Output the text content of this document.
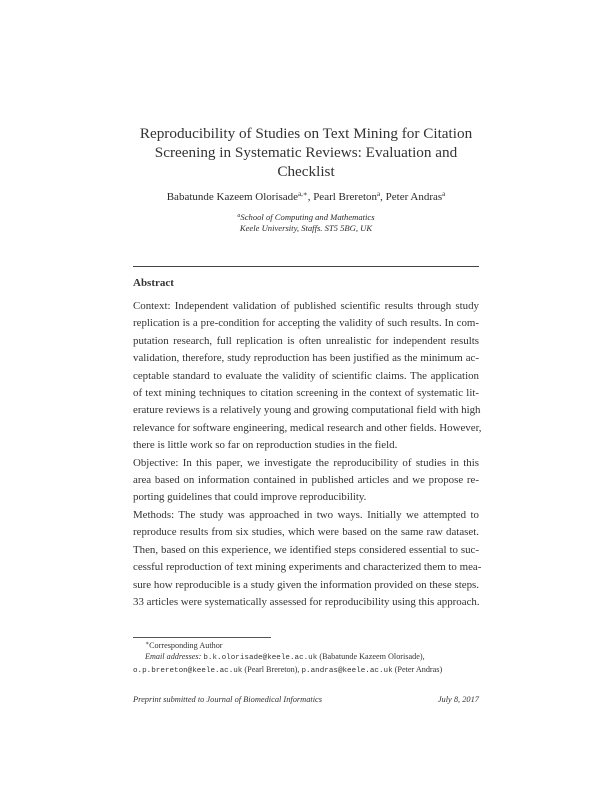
Reproducibility of Studies on Text Mining for Citation
Screening in Systematic Reviews: Evaluation and
Checklist
Babatunde Kazeem Olorisade$^{a,∗}$, Pearl Brereton$^a$, Peter Andras$^a$
$^a$School of Computing and Mathematics
Keele University, Staffs. ST5 5BG, UK
Abstract

Context: Independent validation of published scientific results through study

replication is a pre-condition for accepting the validity of such results. In com-

putation research, full replication is often unrealistic for independent results

validation, therefore, study reproduction has been justified as the minimum ac-

ceptable standard to evaluate the validity of scientific claims. The application

of text mining techniques to citation screening in the context of systematic lit-

erature reviews is a relatively young and growing computational field with high

relevance for software engineering, medical research and other fields. However,

there is little work so far on reproduction studies in the field.

Objective: In this paper, we investigate the reproducibility of studies in this

area based on information contained in published articles and we propose re-

porting guidelines that could improve reproducibility.

Methods: The study was approached in two ways. Initially we attempted to

reproduce results from six studies, which were based on the same raw dataset.

Then, based on this experience, we identified steps considered essential to suc-

cessful reproduction of text mining experiments and characterized them to mea-

sure how reproducible is a study given the information provided on these steps.

33 articles were systematically assessed for reproducibility using this approach.

∗Corresponding Author
Email addresses: b.k.olorisade@keele.ac.uk (Babatunde Kazeem Olorisade),
o.p.brereton@keele.ac.uk (Pearl Brereton), p.andras@keele.ac.uk (Peter Andras)
Preprint submitted to Journal of Biomedical Informatics	July 8, 2017
